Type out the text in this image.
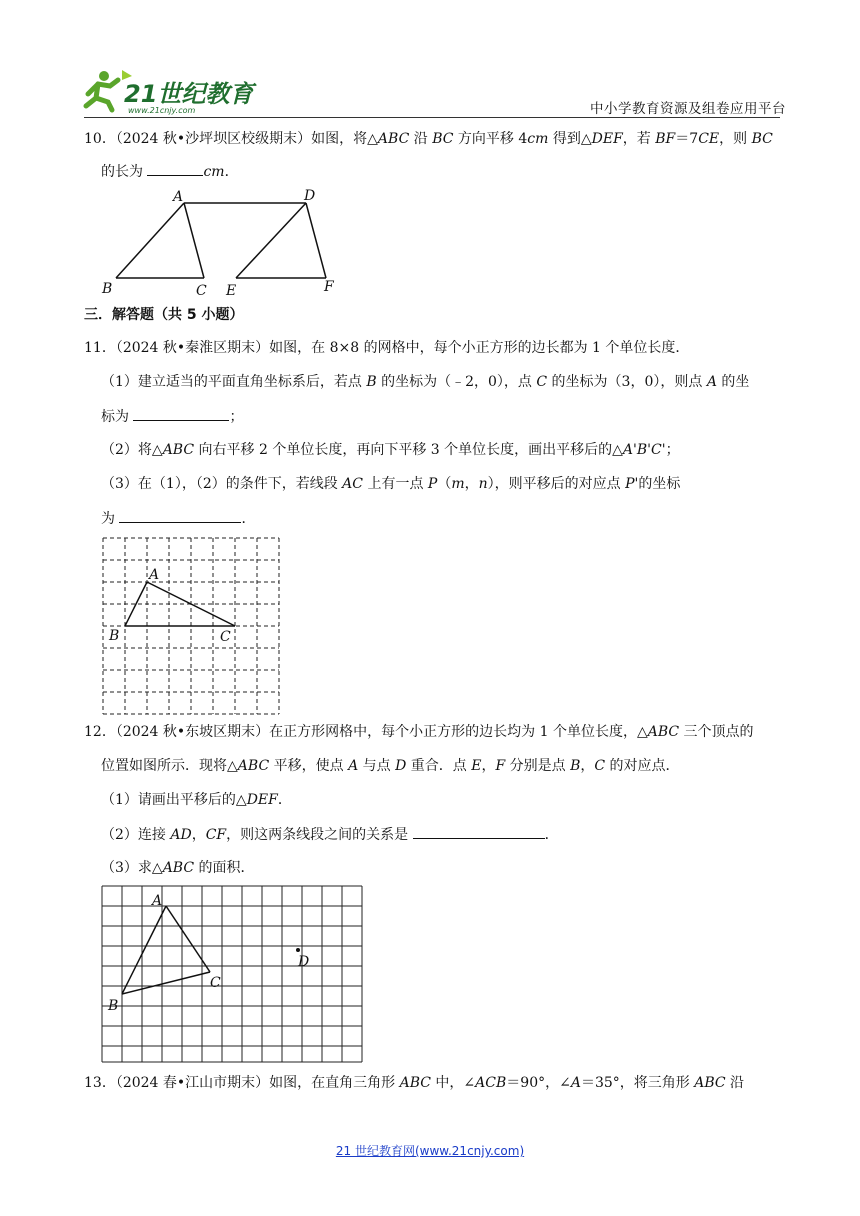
21世纪教育
www.21cnjy.com	中小学教育资源及组卷应用平台
10．（2024 秋•沙坪坝区校级期末）如图，将△ABC 沿 BC 方向平移 4cm 得到△DEF，若 BF＝7CE，则 BC
的长为	cm．
A	D
B	C E	F
三．解答题（共 5 小题）
11．（2024 秋•秦淮区期末）如图，在 8×8 的网格中，每个小正方形的边长都为 1 个单位长度．
（1）建立适当的平面直角坐标系后，若点 B 的坐标为（﹣2，0），点 C 的坐标为（3，0），则点 A 的坐
标为	；
（2）将△ABC 向右平移 2 个单位长度，再向下平移 3 个单位长度，画出平移后的△A'B'C'；
（3）在（1），（2）的条件下，若线段 AC 上有一点 P（m，n），则平移后的对应点 P'的坐标
为	．
A
B	C
12．（2024 秋•东坡区期末）在正方形网格中，每个小正方形的边长均为 1 个单位长度，△ABC 三个顶点的
位置如图所示．现将△ABC 平移，使点 A 与点 D 重合．点 E，F 分别是点 B，C 的对应点．
（1）请画出平移后的△DEF．
（2）连接 AD，CF，则这两条线段之间的关系是	．
（3）求△ABC 的面积．
A
B
C
D
13．（2024 春•江山市期末）如图，在直角三角形 ABC 中，∠ACB＝90°，∠A＝35°，将三角形 ABC 沿
21 世纪教育网(www.21cnjy.com)
